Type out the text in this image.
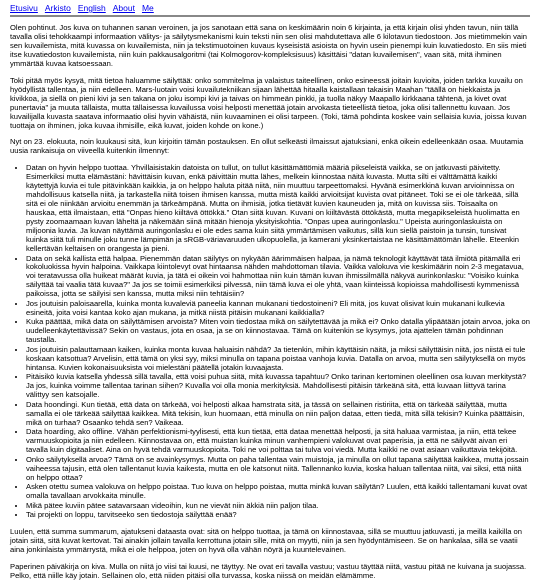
Etusivu Arkisto English About Me

Olen pohtinut. Jos kuva on tuhannen sanan veroinen, ja jos sanotaan että sana on keskimäärin noin 6 kirjainta, ja että kirjain olisi yhden tavun, niin tällä tavalla olisi tehokkaampi informaation välitys- ja säilytysmekanismi kuin teksti niin sen olisi mahdutettava alle 6 kilotavun tiedostoon. Jos mietimmekin vain sen kuvailemista, mitä kuvassa on kuvailemista, niin ja tekstimuotoinen kuvaus kyseisistä asioista on hyvin usein pienempi kuin kuvatiedosto. En siis mieti itse kuvatiedoston kuvailemista, niin kuin pakkausalgoritmi (tai Kolmogorov-kompleksisuus) käsittäisi "datan kuvailemisen", vaan sitä, mitä ihminen ymmärtää kuvaa katsoessaan.

Toki pitää myös kysyä, mitä tietoa haluamme säilyttää: onko sommitelma ja valaistus taiteellinen, onko esineessä joitain kuvioita, joiden tarkka kuvailu on hyödyllistä tallentaa, ja niin edelleen. Mars-luotain voisi kuvailutekniikan sijaan lähettää hitaalla kaistallaan takaisin Maahan "täällä on hiekkaista ja kivikkoa, ja siellä on pieni kivi ja sen takana on joku isompi kivi ja taivas on himmeän pinkki, ja tuolla näkyy Maapallo kirkkaana tähtenä, ja kivet ovat punertavia" ja muuta tällaista, mutta tällaisessa kuvailussa voisi helposti menettää jotain arvokasta tieteellistä tietoa, joka olisi tallennettu kuvaan. Jos kuvailijalla kuvasta saatava informaatio olisi hyvin vähäistä, niin kuvaaminen ei olisi tarpeen. (Toki, tämä pohdinta koskee vain sellaisia kuvia, joissa kuvan tuottaja on ihminen, joka kuvaa ihmisille, eikä kuvat, joiden kohde on kone.)

Nyt on 23. elokuuta, noin kuukausi sitä, kun kirjoitin tämän postauksen. En ollut selkeästi ilmaissut ajatuksiani, enkä oikein edelleenkään osaa. Muutamia uusia rankaisuja on viiveellä kuitenkin ilmennyt:

• Datan on hyvin helppo tuottaa. Yhvillaisistakin datoista on tullut, on tullut käsittämättömiä määriä pikseleistä vaikka, se on jatkuvasti päivitetty. Esimerkiksi mutta elämästäni: hävittäisin kuvan, enkä päivittäin mutta lähes, melkein kiinnostaa näitä kuvasta. Mutta silti ei välttämättä kaikki käytettyjä kuvia ei tule pitävinkään kaikkia, ja on helppo haluta pitää niitä, niin muuttuu tarpeettomaksi. Hyvänä esimerkkinä kuvan arvioinnissa on mahdollisuus katsella niitä, ja tarkastella niitä toisen ihmisen kanssa, mutta mistä kaikki arvioitsijat kuvista ovat pitäneet. Toki se ei ole tärkeää, sillä sitä ei ole niinkään arvioitu enemmän ja tärkeämpänä. Mutta on ihmisiä, jotka tietävät kuvien kauneuden ja, mitä on kuvissa siis. Toisaalta on hauskaa, että ilmaistaan, että "Onpas hieno kiiltävä öttökkä." Otan siitä kuvan. Kuvani on kiiltävästä öttökästä, mutta megapikseleistä huolimatta en pysty zoomaamaan kuvan läheltä ja näkemään siinä mitään hienoja yksityiskohtia. "Onpas upea auringonlasku." Upeista auringonlaskuista on miljoonia kuvia. Ja kuvan näyttämä auringonlasku ei ole edes sama kuin siitä ymmärtämisen vaikutus, sillä kun siellä paistoin ja tunsin, tunsivat kuinka siitä tuli minulle joku tunne lämpimän ja sRGB-väriavaruuden ulkopuolella, ja kamerani yksinkertaistaa ne käsittämättömän lähelle. Eteenkin kellertävän keltaisen on orangesta ja pieni.
• Data on sekä kallista että halpaa. Pienemmän datan säilytys on nykyään äärimmäisen halpaa, ja nämä teknologit käyttävät tätä ilmiötä pitämällä eri kokoluokissa hyvin halpoina. Vaikkapa kiintolevyt ovat hintaansa nähden mahdottoman tilavia. Vaikka valokuva vie keskimäärin noin 2-3 megatavua, voi teratavussa olla huikeat määrät kuvia, ja tätä ei oikein voi hahmottaa niin kuin tämän kuvan ihmissilmällä näkyvä aurinkonlasku: "Voisiko kuinka säilyttää tai vaalia tätä kuvaa?" Ja jos se toimii esimerkiksi pilvessä, niin tämä kuva ei ole yhtä, vaan kiinteissä kopioissa mahdollisesti kymmenissä paikoissa, jotta se säilyisi sen kanssa, mutta miksi niin tehtäisiin?
• Jos joutuisin paloisaarella, kuinka monta kuvaleviä paneelia kannan mukanani tiedostoineni? Eli mitä, jos kuvat olisivat kuin mukanani kulkevia esineitä, joita voisi kantaa koko ajan mukana, ja mitkä niistä pitäisin mukanani kaikkialla?
• Kuka päättää, mikä data on säilyttämisen arvoista? Miten voin tiedostaa mikä on säilytettävää ja mikä ei? Onko datalla ylipäätään jotain arvoa, joka on uudelleenkäytettävissä? Sekin on vastaus, jota en osaa, ja se on kiinnostavaa. Tämä on kuitenkin se kysymys, jota ajattelen tämän pohdinnan taustalla.
• Jos joutuisin palauttamaan kaiken, kuinka monta kuvaa haluaisin nähdä? Ja tietenkin, mihin käyttäisin näitä, ja miksi säilyttäisin niitä, jos niistä ei tule koskaan katsottua? Arvelisin, että tämä on yksi syy, miksi minulla on tapana poistaa vanhoja kuvia. Datalla on arvoa, mutta sen säilytyksellä on myös hintansa. Kuvien kokonaisuuksista voi mielestäni päätellä jotakin kuvaajasta.
• Pitäisikö kuvia katsella yhdessä sillä tavalla, että voisi puhua siitä, mitä kuvassa tapahtuu? Onko tarinan kertominen oleellinen osa kuvan merkitystä? Ja jos, kuinka voimme tallentaa tarinan siihen? Kuvalla voi olla monia merkityksiä. Mahdollisesti pitäisin tärkeänä sitä, että kuvaan liittyvä tarina välittyy sen katsojalle.
• Data hoondingi. Kun tietää, että data on tärkeää, voi helposti alkaa hamstrata sitä, ja tässä on sellainen ristiriita, että on tärkeää säilyttää, mutta samalla ei ole tärkeää säilyttää kaikkea. Mitä tekisin, kun huomaan, että minulla on niin paljon dataa, etten tiedä, mitä sillä tekisin? Kuinka päättäisin, mikä on turhaa? Osaanko tehdä sen? Vaikeaa.
• Data hoarding, ako offline. Vähän perfektionismi-tyylisesti, että kun tietää, että dataa menettää helposti, ja sitä haluaa varmistaa, ja niin, että tekee varmuuskopioita ja niin edelleen. Kiinnostavaa on, että muistan kuinka minun vanhempieni valokuvat ovat paperisia, ja että ne säilyvät aivan eri tavalla kuin digitaaliset. Aina on hyvä tehdä varmuuskopioita. Toki ne voi polttaa tai tulva voi viedä. Mutta kaikki ne ovat asiaan vaikuttavia tekijöitä.
• Onko säilytyksellä arvoa? Tämä on se avainkysymys. Mutta on paha tallentaa vain muistoja, ja minulla on ollut tapana säilyttää kaikkea, mutta jossain vaiheessa tajusin, että olen tallentanut kuvia kaikesta, mutta en ole katsonut niitä. Tallennanko kuvia, koska haluan tallentaa niitä, vai siksi, että niitä on helppo ottaa?
• Asken otettu sumea valokuva on helppo poistaa. Tuo kuva on helppo poistaa, mutta minkä kuvan säilytän? Luulen, että kaikki tallentamani kuvat ovat omalla tavallaan arvokkaita minulle.
• Mikä pätee kuviin pätee satavarsaan videoihin, kun ne vievät niin äkkiä niin paljon tilaa.
• Tai projekti on loppu, tarvitseeko sen tiedostoja säilyttää enää?

Luulen, että summa summarum, ajatukseni dataasta ovat: sitä on helppo tuottaa, ja tämä on kiinnostavaa, sillä se muuttuu jatkuvasti, ja meillä kaikilla on jotain siitä, sitä kuvat kertovat. Tai ainakin jollain tavalla kerrottuna jotain sille, mitä on myytti, niin ja sen hyödyntämiseen. Se on hankalaa, sillä se vaatii aina jonkinlaista ymmärrystä, mikä ei ole helppoa, joten on hyvä olla vähän nöyrä ja kuuntelevainen.

Paperinen päiväkirja on kiva. Mulla on niitä jo viisi tai kuusi, ne täyttyy. Ne ovat eri tavalla vastuu; vastuu täyttää niitä, vastuu pitää ne kuivana ja suojassa. Pelko, että niille käy jotain. Sellainen olo, että niiden pitäisi olla turvassa, koska niissä on meidän elämämme.
